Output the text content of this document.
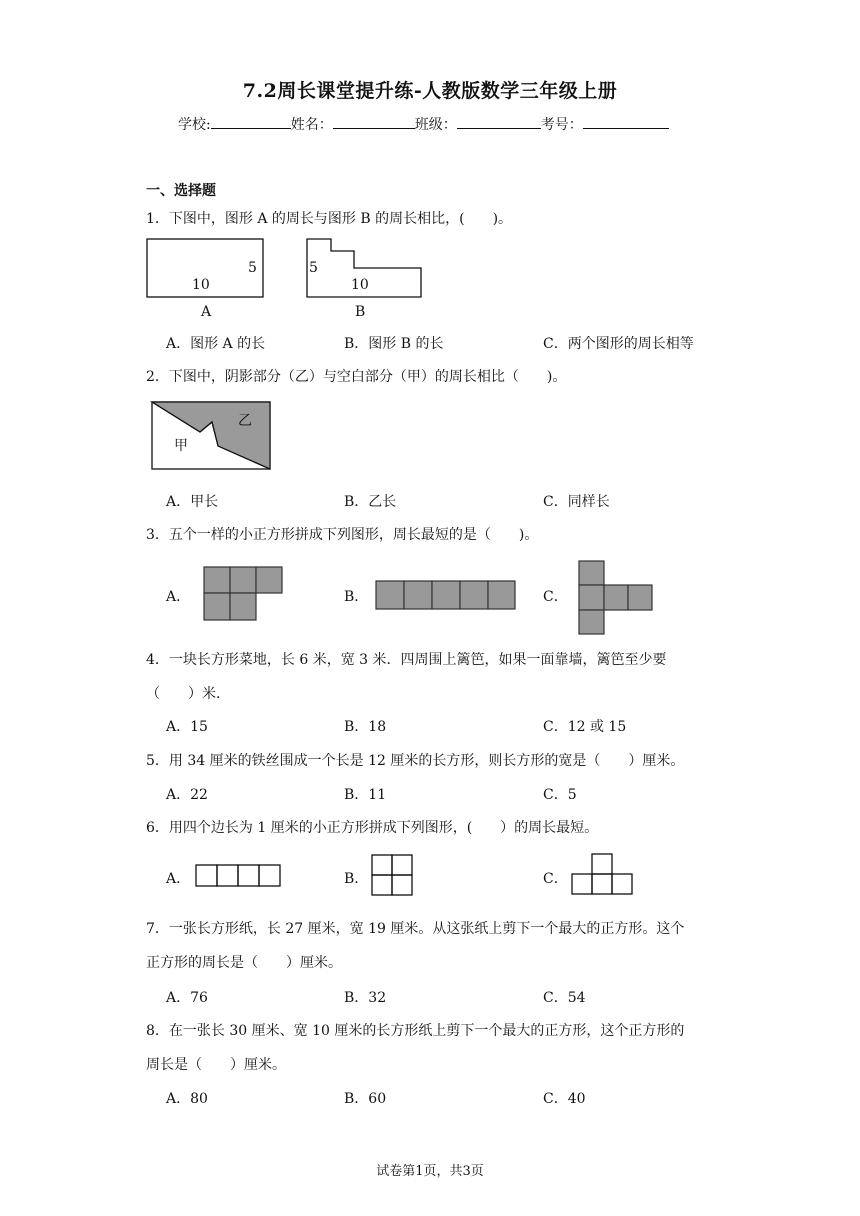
7.2周长课堂提升练-人教版数学三年级上册
学校:	姓名：	班级：	考号：
一、选择题
1．下图中，图形 A 的周长与图形 B 的周长相比，(　　)。
10
5
A
5
10
B
A．图形 A 的长	B．图形 B 的长	C．两个图形的周长相等
2．下图中，阴影部分（乙）与空白部分（甲）的周长相比（　　)。
乙
甲
A．甲长	B．乙长	C．同样长
3．五个一样的小正方形拼成下列图形，周长最短的是（　　)。
A．	B．	C．
4．一块长方形菜地，长 6 米，宽 3 米．四周围上篱笆，如果一面靠墙，篱笆至少要
（　　）米.
A．15	B．18	C．12 或 15
5．用 34 厘米的铁丝围成一个长是 12 厘米的长方形，则长方形的宽是（　　）厘米。
A．22	B．11	C．5
6．用四个边长为 1 厘米的小正方形拼成下列图形，(　　）的周长最短。
A．	B．	C．
7．一张长方形纸，长 27 厘米，宽 19 厘米。从这张纸上剪下一个最大的正方形。这个
正方形的周长是（　　）厘米。
A．76	B．32	C．54
8．在一张长 30 厘米、宽 10 厘米的长方形纸上剪下一个最大的正方形，这个正方形的
周长是（　　）厘米。
A．80	B．60	C．40
试卷第1页，共3页
